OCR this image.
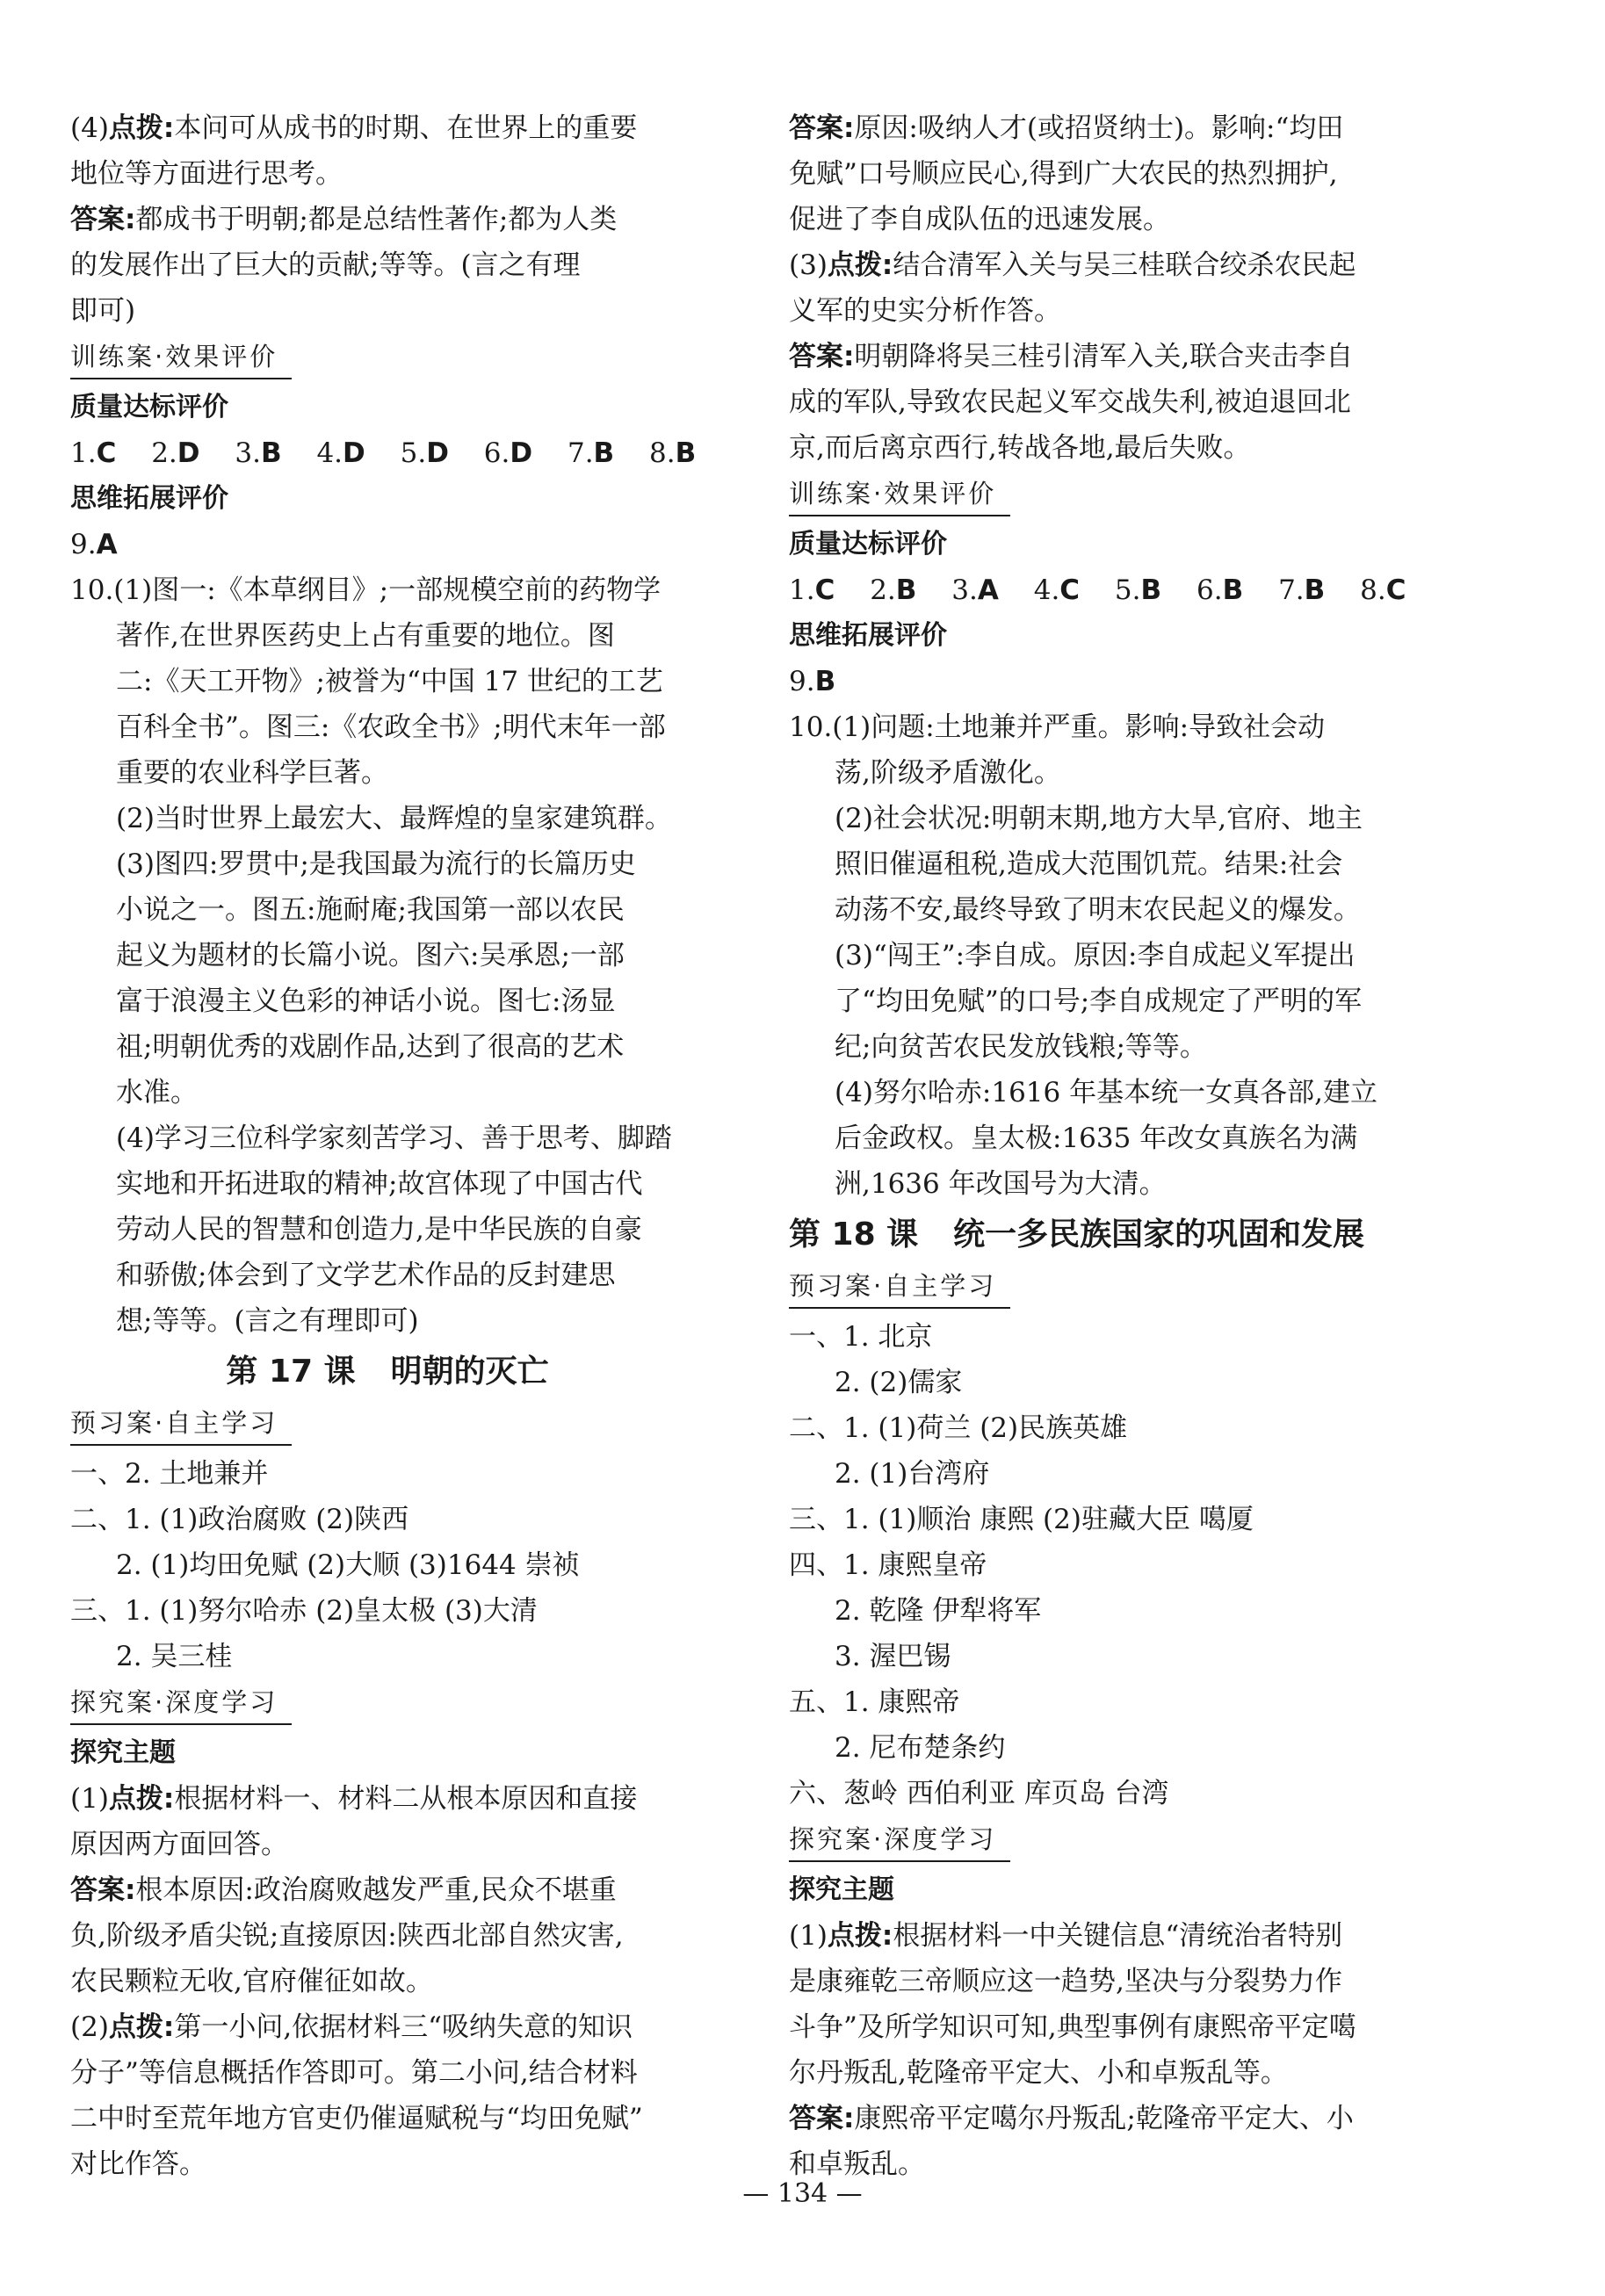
(4)点拨:本问可从成书的时期、在世界上的重要
地位等方面进行思考。
答案:都成书于明朝;都是总结性著作;都为人类
的发展作出了巨大的贡献;等等。(言之有理
即可)
训练案·效果评价
质量达标评价
1.C 2.D 3.B 4.D 5.D 6.D 7.B 8.B
思维拓展评价
9.A
10.(1)图一:《本草纲目》;一部规模空前的药物学
著作,在世界医药史上占有重要的地位。图
二:《天工开物》;被誉为“中国 17 世纪的工艺
百科全书”。图三:《农政全书》;明代末年一部
重要的农业科学巨著。
(2)当时世界上最宏大、最辉煌的皇家建筑群。
(3)图四:罗贯中;是我国最为流行的长篇历史
小说之一。图五:施耐庵;我国第一部以农民
起义为题材的长篇小说。图六:吴承恩;一部
富于浪漫主义色彩的神话小说。图七:汤显
祖;明朝优秀的戏剧作品,达到了很高的艺术
水准。
(4)学习三位科学家刻苦学习、善于思考、脚踏
实地和开拓进取的精神;故宫体现了中国古代
劳动人民的智慧和创造力,是中华民族的自豪
和骄傲;体会到了文学艺术作品的反封建思
想;等等。(言之有理即可)
第 17 课 明朝的灭亡
预习案·自主学习
一、2. 土地兼并
二、1. (1)政治腐败 (2)陕西
2. (1)均田免赋 (2)大顺 (3)1644 崇祯
三、1. (1)努尔哈赤 (2)皇太极 (3)大清
2. 吴三桂
探究案·深度学习
探究主题
(1)点拨:根据材料一、材料二从根本原因和直接
原因两方面回答。
答案:根本原因:政治腐败越发严重,民众不堪重
负,阶级矛盾尖锐;直接原因:陕西北部自然灾害,
农民颗粒无收,官府催征如故。
(2)点拨:第一小问,依据材料三“吸纳失意的知识
分子”等信息概括作答即可。第二小问,结合材料
二中时至荒年地方官吏仍催逼赋税与“均田免赋”
对比作答。
答案:原因:吸纳人才(或招贤纳士)。影响:“均田
免赋”口号顺应民心,得到广大农民的热烈拥护,
促进了李自成队伍的迅速发展。
(3)点拨:结合清军入关与吴三桂联合绞杀农民起
义军的史实分析作答。
答案:明朝降将吴三桂引清军入关,联合夹击李自
成的军队,导致农民起义军交战失利,被迫退回北
京,而后离京西行,转战各地,最后失败。
训练案·效果评价
质量达标评价
1.C 2.B 3.A 4.C 5.B 6.B 7.B 8.C
思维拓展评价
9.B
10.(1)问题:土地兼并严重。影响:导致社会动
荡,阶级矛盾激化。
(2)社会状况:明朝末期,地方大旱,官府、地主
照旧催逼租税,造成大范围饥荒。结果:社会
动荡不安,最终导致了明末农民起义的爆发。
(3)“闯王”:李自成。原因:李自成起义军提出
了“均田免赋”的口号;李自成规定了严明的军
纪;向贫苦农民发放钱粮;等等。
(4)努尔哈赤:1616 年基本统一女真各部,建立
后金政权。皇太极:1635 年改女真族名为满
洲,1636 年改国号为大清。
第 18 课 统一多民族国家的巩固和发展
预习案·自主学习
一、1. 北京
2. (2)儒家
二、1. (1)荷兰 (2)民族英雄
2. (1)台湾府
三、1. (1)顺治 康熙 (2)驻藏大臣 噶厦
四、1. 康熙皇帝
2. 乾隆 伊犁将军
3. 渥巴锡
五、1. 康熙帝
2. 尼布楚条约
六、葱岭 西伯利亚 库页岛 台湾
探究案·深度学习
探究主题
(1)点拨:根据材料一中关键信息“清统治者特别
是康雍乾三帝顺应这一趋势,坚决与分裂势力作
斗争”及所学知识可知,典型事例有康熙帝平定噶
尔丹叛乱,乾隆帝平定大、小和卓叛乱等。
答案:康熙帝平定噶尔丹叛乱;乾隆帝平定大、小
和卓叛乱。
— 134 —
